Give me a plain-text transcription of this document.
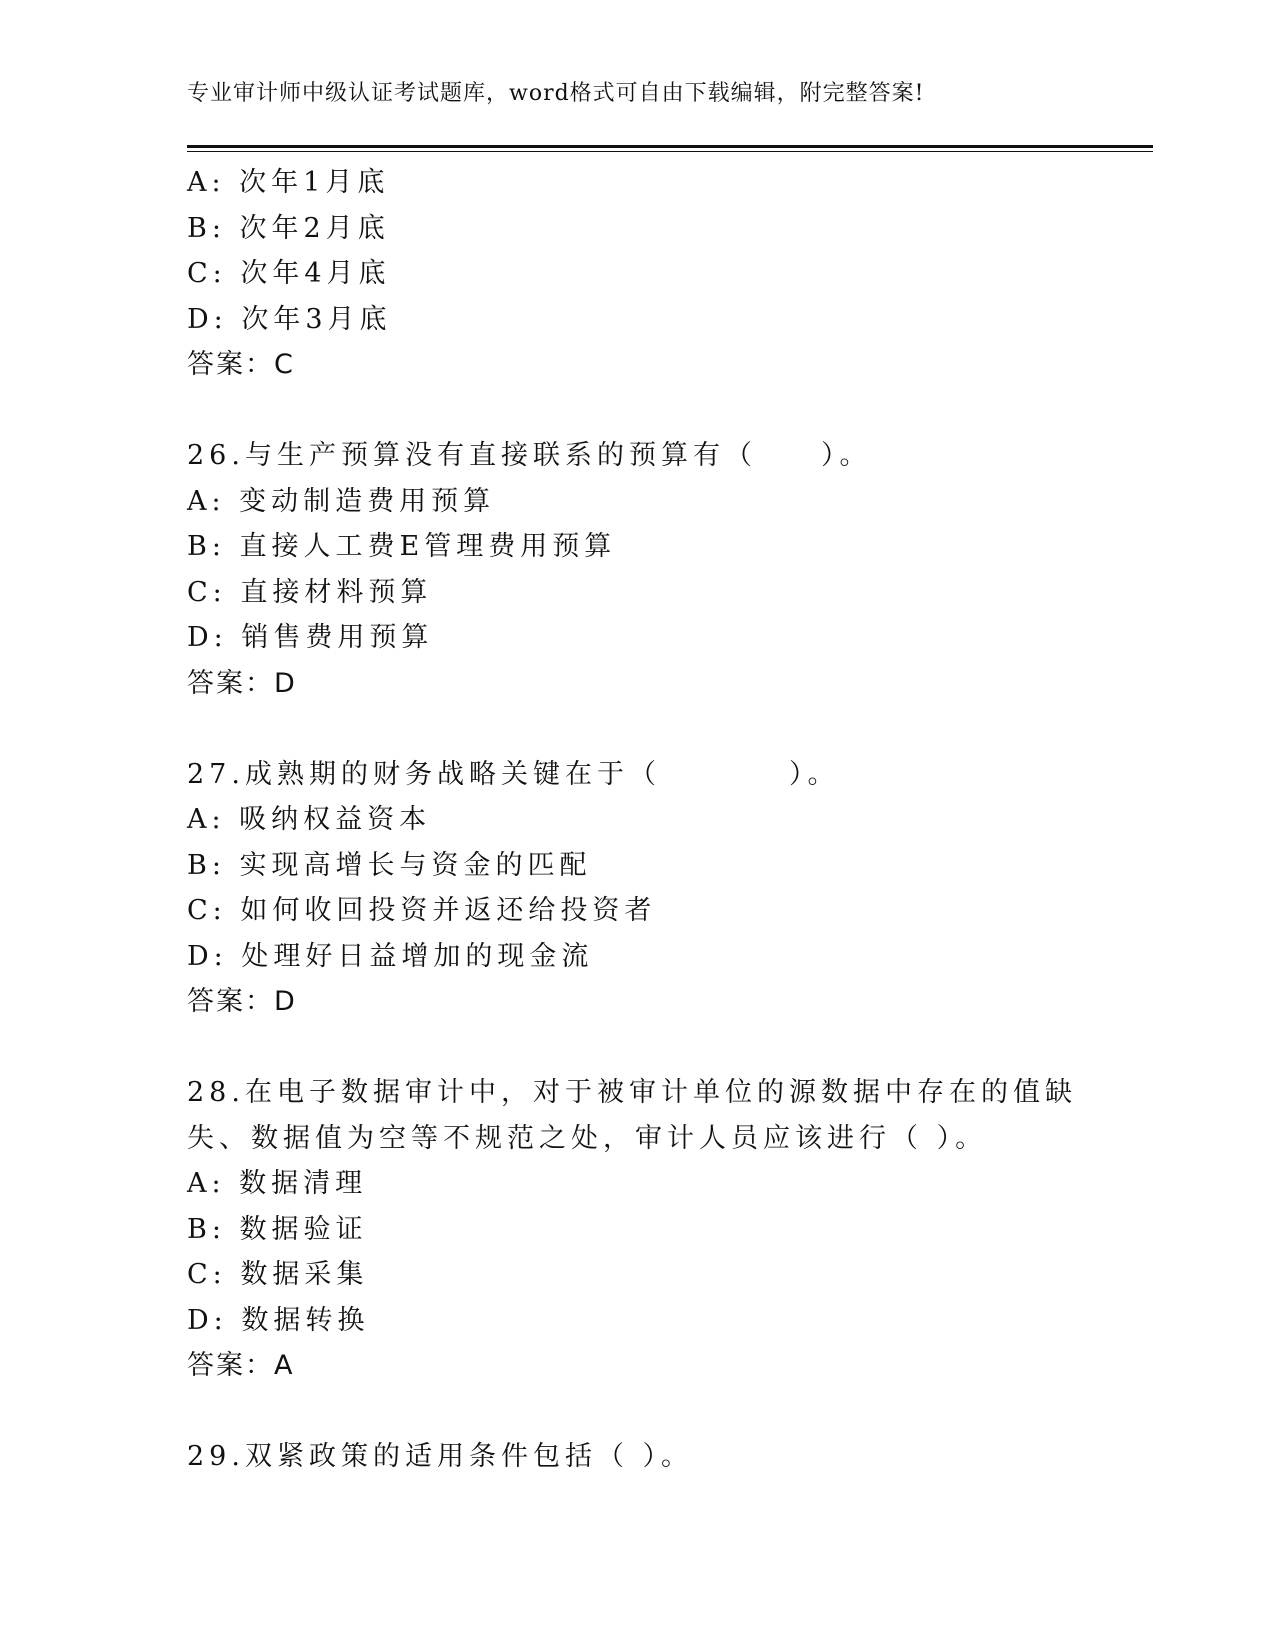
专业审计师中级认证考试题库，word格式可自由下载编辑，附完整答案!
A: 次年1月底
B: 次年2月底
C: 次年4月底
D: 次年3月底
答案：C
26.与生产预算没有直接联系的预算有（　　）。
A: 变动制造费用预算
B: 直接人工费E管理费用预算
C: 直接材料预算
D: 销售费用预算
答案：D
27.成熟期的财务战略关键在于（　　　　）。
A: 吸纳权益资本
B: 实现高增长与资金的匹配
C: 如何收回投资并返还给投资者
D: 处理好日益增加的现金流
答案：D
28.在电子数据审计中，对于被审计单位的源数据中存在的值缺失、数据值为空等不规范之处，审计人员应该进行（ ）。
A: 数据清理
B: 数据验证
C: 数据采集
D: 数据转换
答案：A
29.双紧政策的适用条件包括（ ）。
